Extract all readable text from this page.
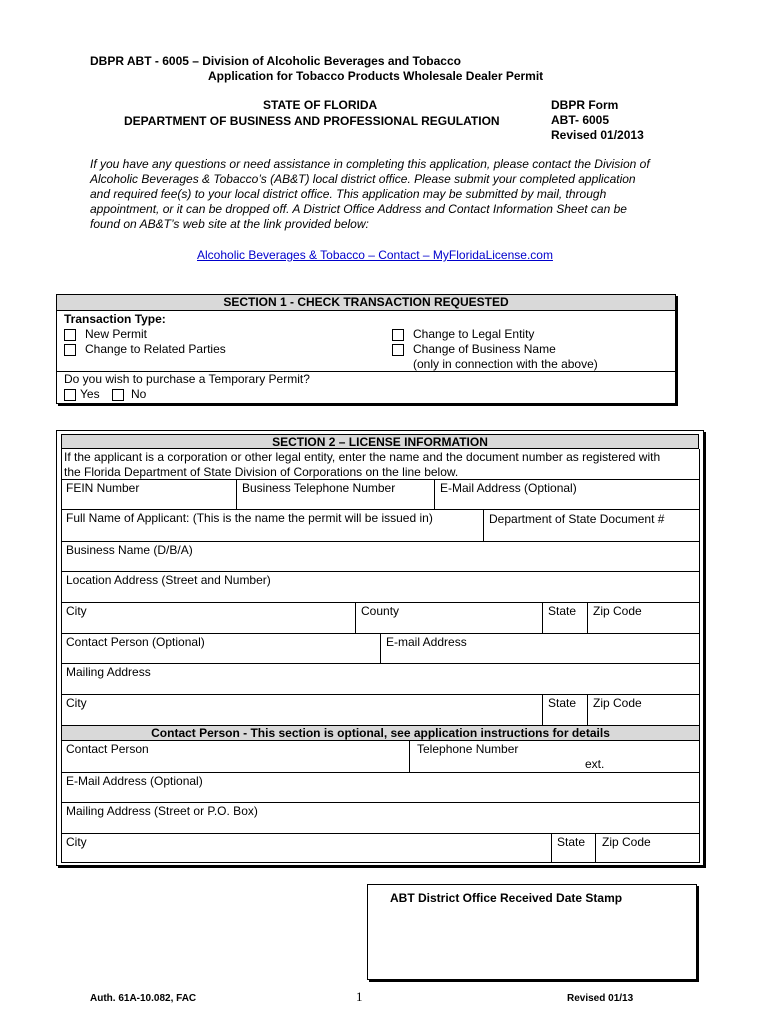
DBPR ABT - 6005 – Division of Alcoholic Beverages and Tobacco
Application for Tobacco Products Wholesale Dealer Permit
STATE OF FLORIDA
DEPARTMENT OF BUSINESS AND PROFESSIONAL REGULATION
DBPR Form
ABT- 6005
Revised 01/2013
If you have any questions or need assistance in completing this application, please contact the Division of
Alcoholic Beverages & Tobacco’s (AB&T) local district office. Please submit your completed application
and required fee(s) to your local district office. This application may be submitted by mail, through
appointment, or it can be dropped off. A District Office Address and Contact Information Sheet can be
found on AB&T’s web site at the link provided below:
Alcoholic Beverages & Tobacco – Contact – MyFloridaLicense.com
SECTION 1 - CHECK TRANSACTION REQUESTED
Transaction Type:
New Permit
Change to Related Parties
Change to Legal Entity
Change of Business Name
(only in connection with the above)
Do you wish to purchase a Temporary Permit?
Yes	No
SECTION 2 – LICENSE INFORMATION
If the applicant is a corporation or other legal entity, enter the name and the document number as registered with
the Florida Department of State Division of Corporations on the line below.
FEIN Number	Business Telephone Number	E-Mail Address (Optional)
Full Name of Applicant: (This is the name the permit will be issued in)	Department of State Document #
Business Name (D/B/A)
Location Address (Street and Number)
City	County	State Zip Code
Contact Person (Optional)	E-mail Address
Mailing Address
City	State Zip Code
Contact Person - This section is optional, see application instructions for details
Contact Person	Telephone Number
ext.
E-Mail Address (Optional)
Mailing Address (Street or P.O. Box)
City	State Zip Code
ABT District Office Received Date Stamp
Auth. 61A-10.082, FAC	1	Revised 01/13
